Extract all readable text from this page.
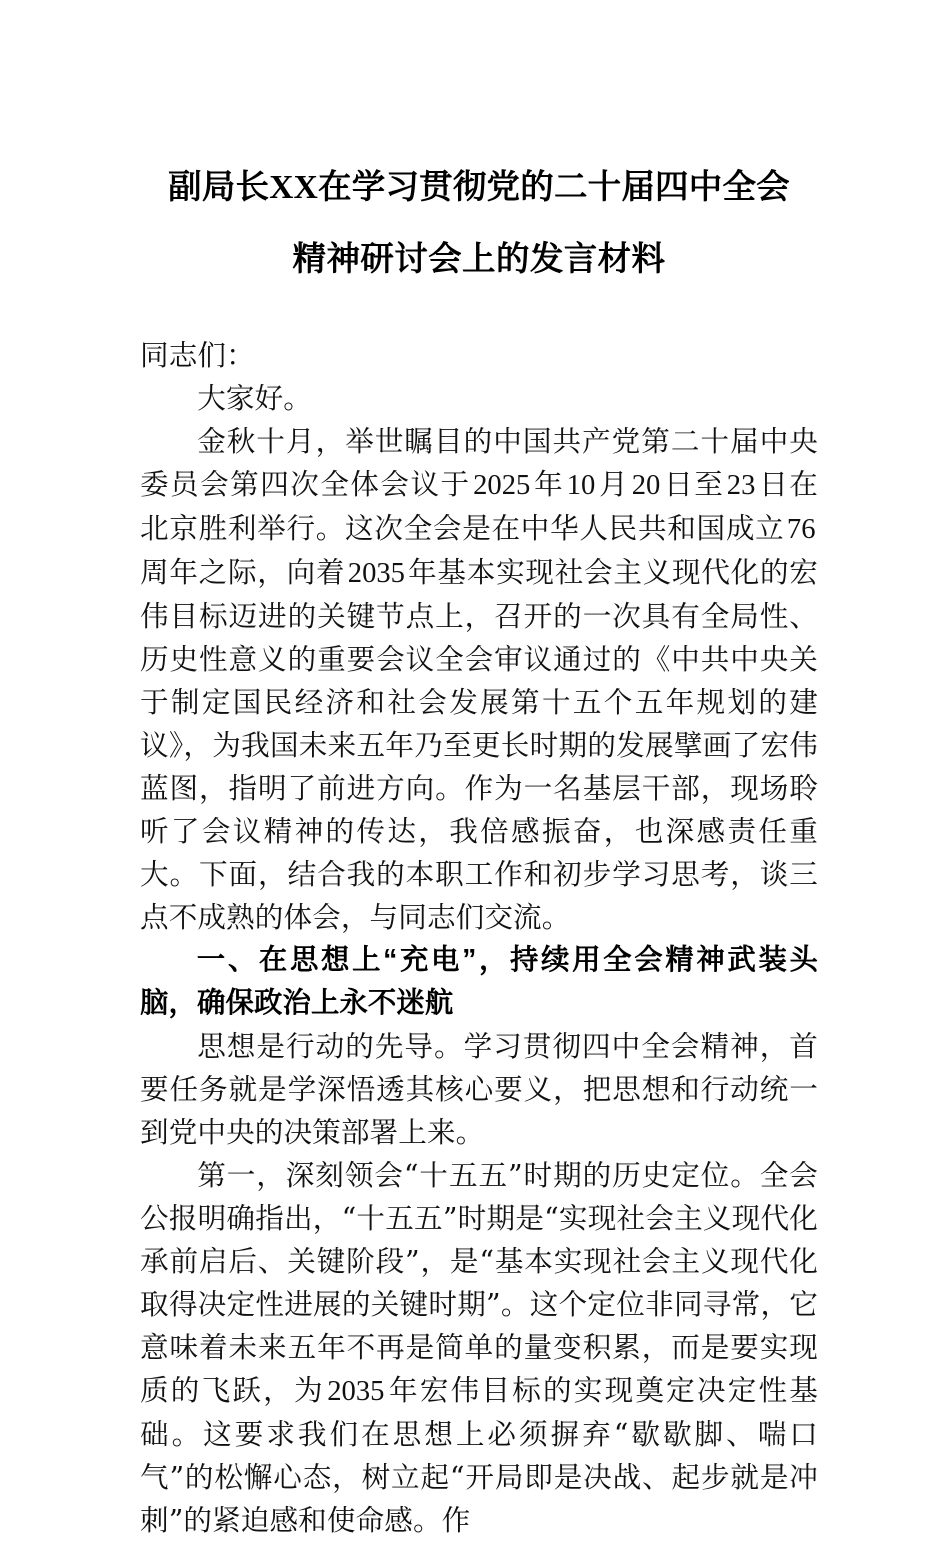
副局长XX在学习贯彻党的二十届四中全会
精神研讨会上的发言材料

同志们：

大家好。

金秋十月，举世瞩目的中国共产党第二十届中央委员会第四次全体会议于2025年10月20日至23日在北京胜利举行。这次全会是在中华人民共和国成立76周年之际，向着2035年基本实现社会主义现代化的宏伟目标迈进的关键节点上，召开的一次具有全局性、历史性意义的重要会议全会审议通过的《中共中央关于制定国民经济和社会发展第十五个五年规划的建议》，为我国未来五年乃至更长时期的发展擘画了宏伟蓝图，指明了前进方向。作为一名基层干部，现场聆听了会议精神的传达，我倍感振奋，也深感责任重大。下面，结合我的本职工作和初步学习思考，谈三点不成熟的体会，与同志们交流。

一、在思想上“充电”，持续用全会精神武装头脑，确保政治上永不迷航

思想是行动的先导。学习贯彻四中全会精神，首要任务就是学深悟透其核心要义，把思想和行动统一到党中央的决策部署上来。

第一，深刻领会“十五五”时期的历史定位。全会公报明确指出，“十五五”时期是“实现社会主义现代化承前启后、关键阶段”，是“基本实现社会主义现代化取得决定性进展的关键时期”。这个定位非同寻常，它意味着未来五年不再是简单的量变积累，而是要实现质的飞跃，为2035年宏伟目标的实现奠定决定性基础。这要求我们在思想上必须摒弃“歇歇脚、喘口气”的松懈心态，树立起“开局即是决战、起步就是冲刺”的紧迫感和使命感。作
